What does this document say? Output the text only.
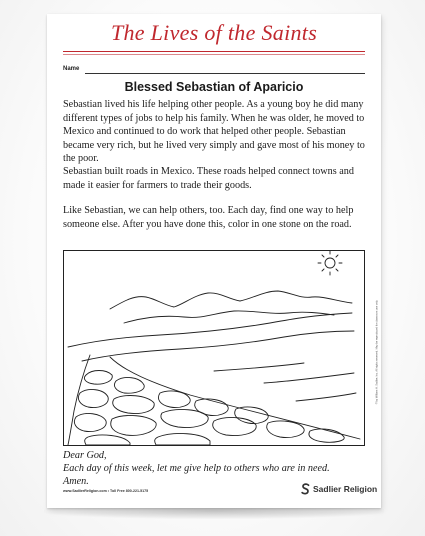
The Lives of the Saints
Name
Blessed Sebastian of Aparicio

Sebastian lived his life helping other people. As a young boy he did many different types of jobs to help his family. When he was older, he moved to Mexico and continued to do work that helped other people. Sebastian became very rich, but he lived very simply and gave most of his money to the poor.

Sebastian built roads in Mexico. These roads helped connect towns and made it easier for farmers to trade their goods.

Like Sebastian, we can help others, too. Each day, find one way to help someone else. After you have done this, color in one stone on the road.

Dear God,
Each day of this week, let me give help to others who are in need.
Amen.
www.SadlierReligion.com • Toll Free 800-221-5175	Sadlier Religion
© by William H. Sadlier, Inc. All rights reserved. May be reproduced for classroom use only.
